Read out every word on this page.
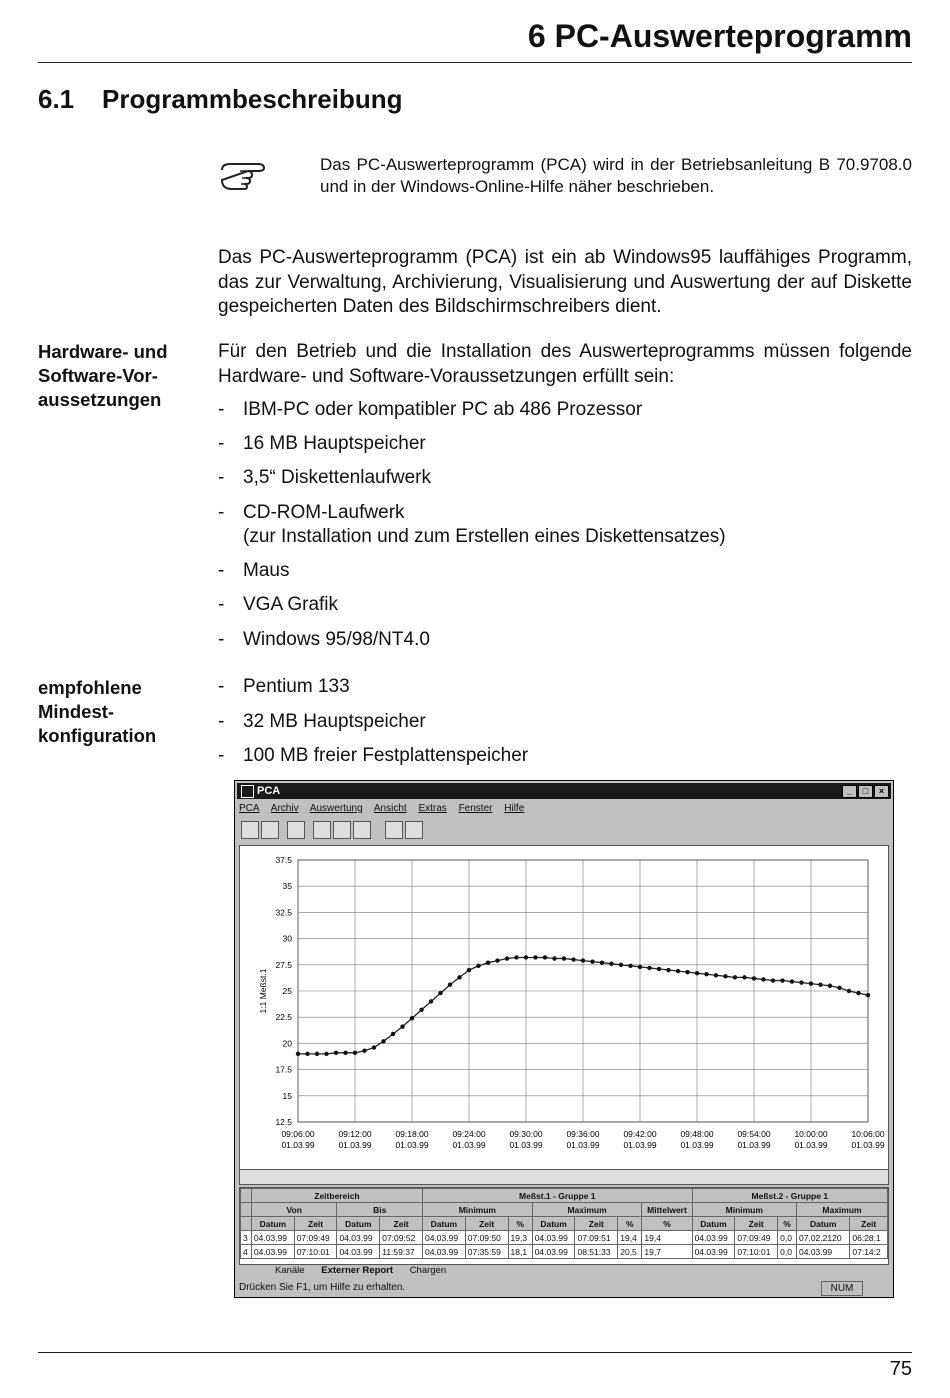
6 PC-Auswerteprogramm
6.1 Programmbeschreibung
Das PC-Auswerteprogramm (PCA) wird in der Betriebsanleitung B 70.9708.0 und in der Windows-Online-Hilfe näher beschrieben.
Das PC-Auswerteprogramm (PCA) ist ein ab Windows95 lauffähiges Programm, das zur Verwaltung, Archivierung, Visualisierung und Auswertung der auf Diskette gespeicherten Daten des Bildschirmschreibers dient.
Hardware- und
Software-Vor-
aussetzungen
Für den Betrieb und die Installation des Auswerteprogramms müssen folgende Hardware- und Software-Voraussetzungen erfüllt sein:
- IBM-PC oder kompatibler PC ab 486 Prozessor
- 16 MB Hauptspeicher
- 3,5“ Diskettenlaufwerk
- CD-ROM-Laufwerk
(zur Installation und zum Erstellen eines Diskettensatzes)
- Maus
- VGA Grafik
- Windows 95/98/NT4.0
empfohlene
Mindest-
konfiguration
- Pentium 133
- 32 MB Hauptspeicher
- 100 MB freier Festplattenspeicher
PCA	_	□	×
PCA Archiv Auswertung Ansicht Extras Fenster Hilfe
37.5
35
32.5
30
27.5
25
22.5
20
17.5
15
12.5
09:06:00
01.03.99
09:12:00
01.03.99
09:18:00
01.03.99
09:24:00
01.03.99
09:30:00
01.03.99
09:36:00
01.03.99
09:42:00
01.03.99
09:48:00
01.03.99
09:54:00
01.03.99
10:00:00
01.03.99
10:06:00
01.03.99
1:1 Meßst.1
	Zeitbereich				Meßst.1 - Gruppe 1							Meßst.2 - Gruppe 1				
	Von		Bis		Minimum			Maximum			Mittelwert	Minimum			Maximum	
	Datum	Zeit	Datum	Zeit	Datum	Zeit	%	Datum	Zeit	%	%	Datum	Zeit	%	Datum	Zeit
3	04.03.99	07:09:49	04.03.99	07:09:52	04.03.99	07:09:50	19,3	04.03.99	07:09:51	19,4	19,4	04.03.99	07:09:49	0,0	07.02.2120	06:28:1
4	04.03.99	07:10:01	04.03.99	11:59:37	04.03.99	07:35:59	18,1	04.03.99	08:51:33	20,5	19,7	04.03.99	07:10:01	0,0	04.03.99	07:14:2
Kanäle Externer Report Chargen
Drücken Sie F1, um Hilfe zu erhalten.	NUM
75
